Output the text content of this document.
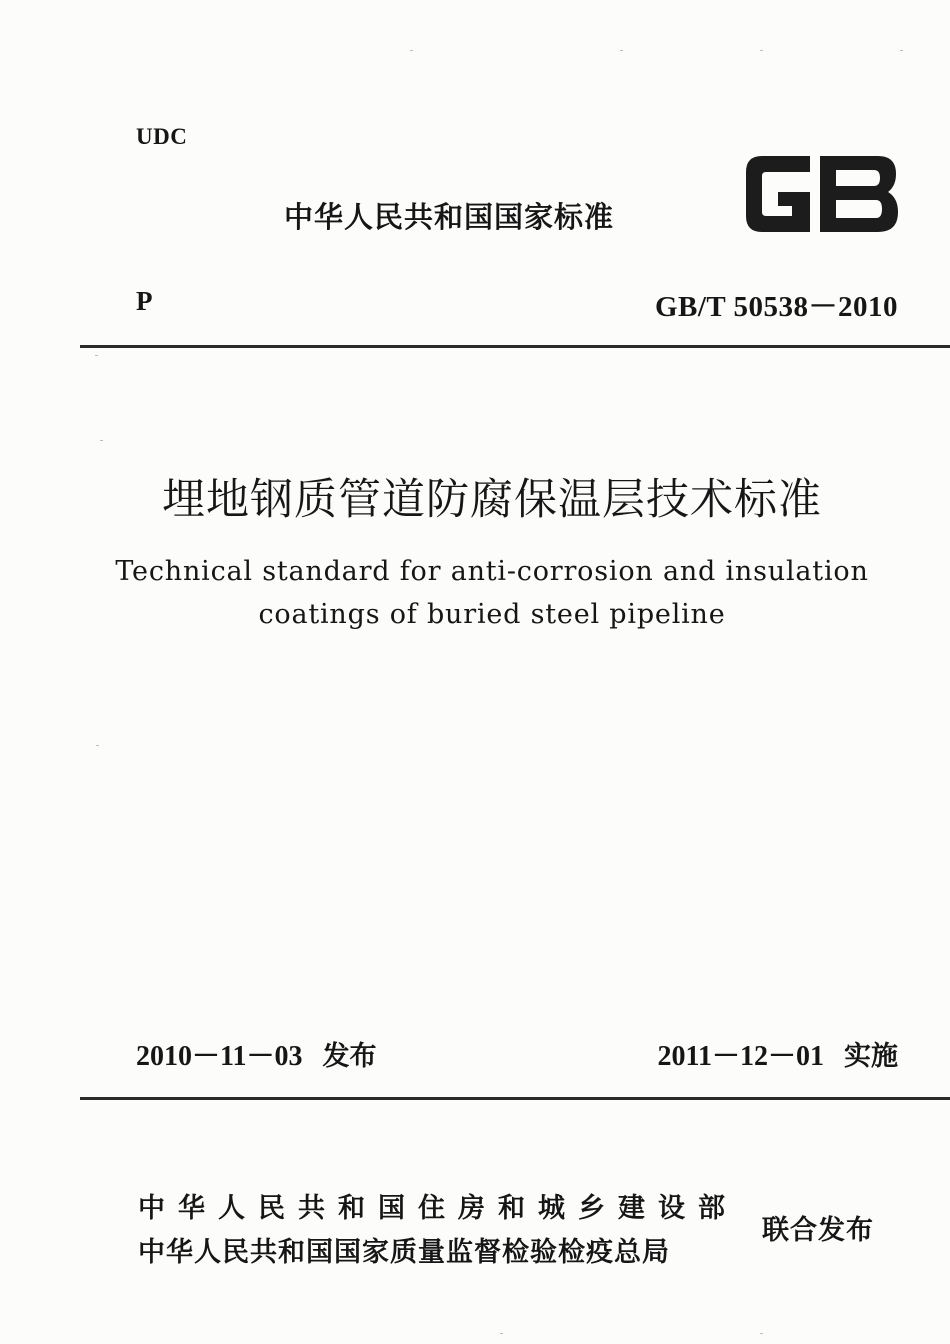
UDC
中华人民共和国国家标准
P	GB/T 50538－2010
埋地钢质管道防腐保温层技术标准
Technical standard for anti-corrosion and insulation
coatings of buried steel pipeline
2010－11－03 发布	2011－12－01 实施
中华人民共和国住房和城乡建设部
中华人民共和国国家质量监督检验检疫总局
联合发布
